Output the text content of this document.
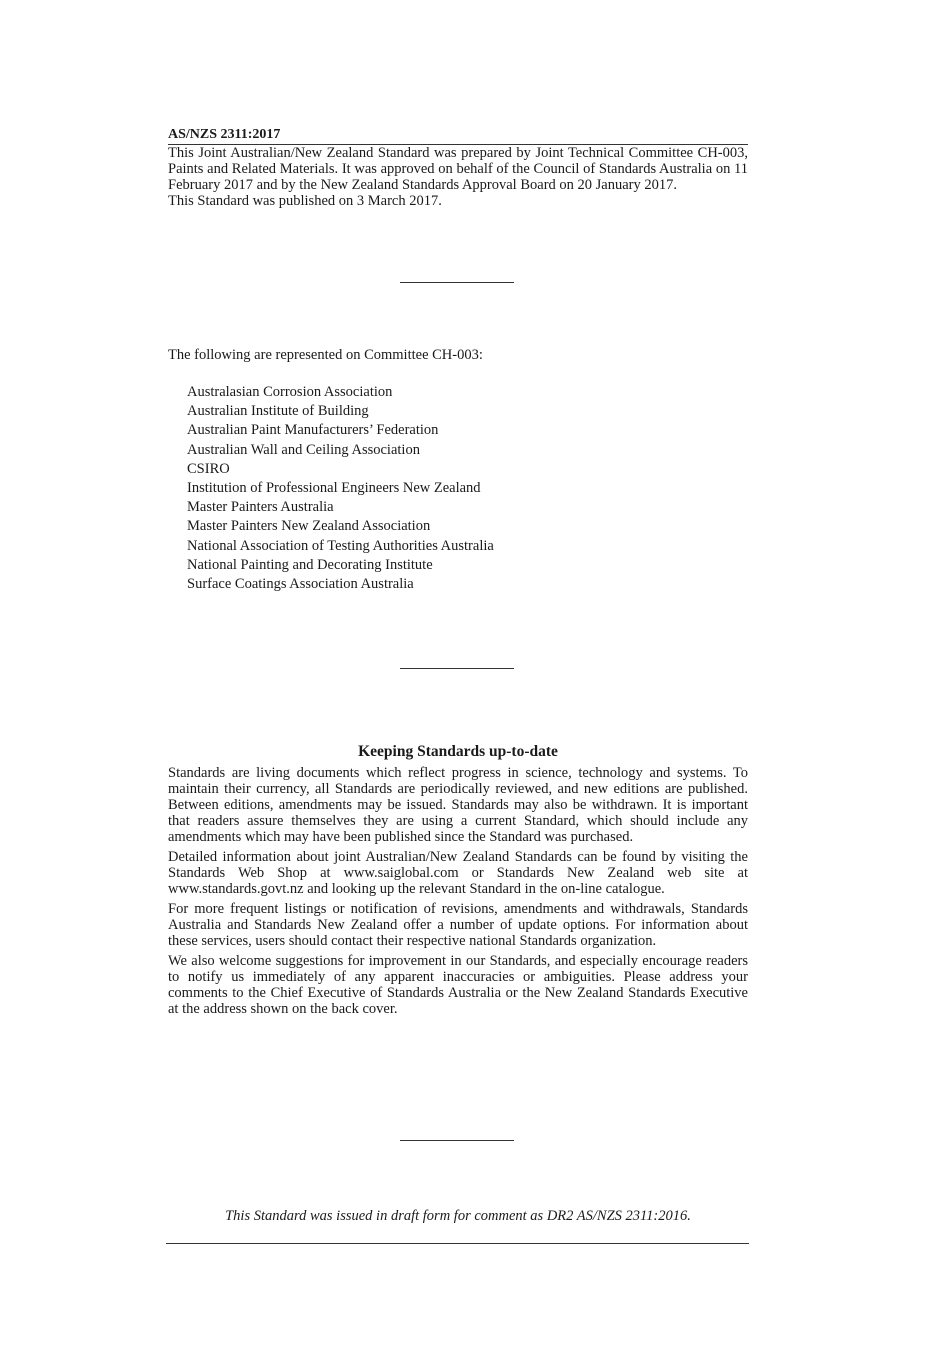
AS/NZS 2311:2017

This Joint Australian/New Zealand Standard was prepared by Joint Technical Committee CH-003, Paints and Related Materials. It was approved on behalf of the Council of Standards Australia on 11 February 2017 and by the New Zealand Standards Approval Board on 20 January 2017.

This Standard was published on 3 March 2017.

The following are represented on Committee CH-003:
Australasian Corrosion Association
Australian Institute of Building
Australian Paint Manufacturers’ Federation
Australian Wall and Ceiling Association
CSIRO
Institution of Professional Engineers New Zealand
Master Painters Australia
Master Painters New Zealand Association
National Association of Testing Authorities Australia
National Painting and Decorating Institute
Surface Coatings Association Australia
Keeping Standards up-to-date

Standards are living documents which reflect progress in science, technology and systems. To maintain their currency, all Standards are periodically reviewed, and new editions are published. Between editions, amendments may be issued. Standards may also be withdrawn. It is important that readers assure themselves they are using a current Standard, which should include any amendments which may have been published since the Standard was purchased.

Detailed information about joint Australian/New Zealand Standards can be found by visiting the Standards Web Shop at www.saiglobal.com or Standards New Zealand web site at www.standards.govt.nz and looking up the relevant Standard in the on-line catalogue.

For more frequent listings or notification of revisions, amendments and withdrawals, Standards Australia and Standards New Zealand offer a number of update options. For information about these services, users should contact their respective national Standards organization.

We also welcome suggestions for improvement in our Standards, and especially encourage readers to notify us immediately of any apparent inaccuracies or ambiguities. Please address your comments to the Chief Executive of Standards Australia or the New Zealand Standards Executive at the address shown on the back cover.

This Standard was issued in draft form for comment as DR2 AS/NZS 2311:2016.
